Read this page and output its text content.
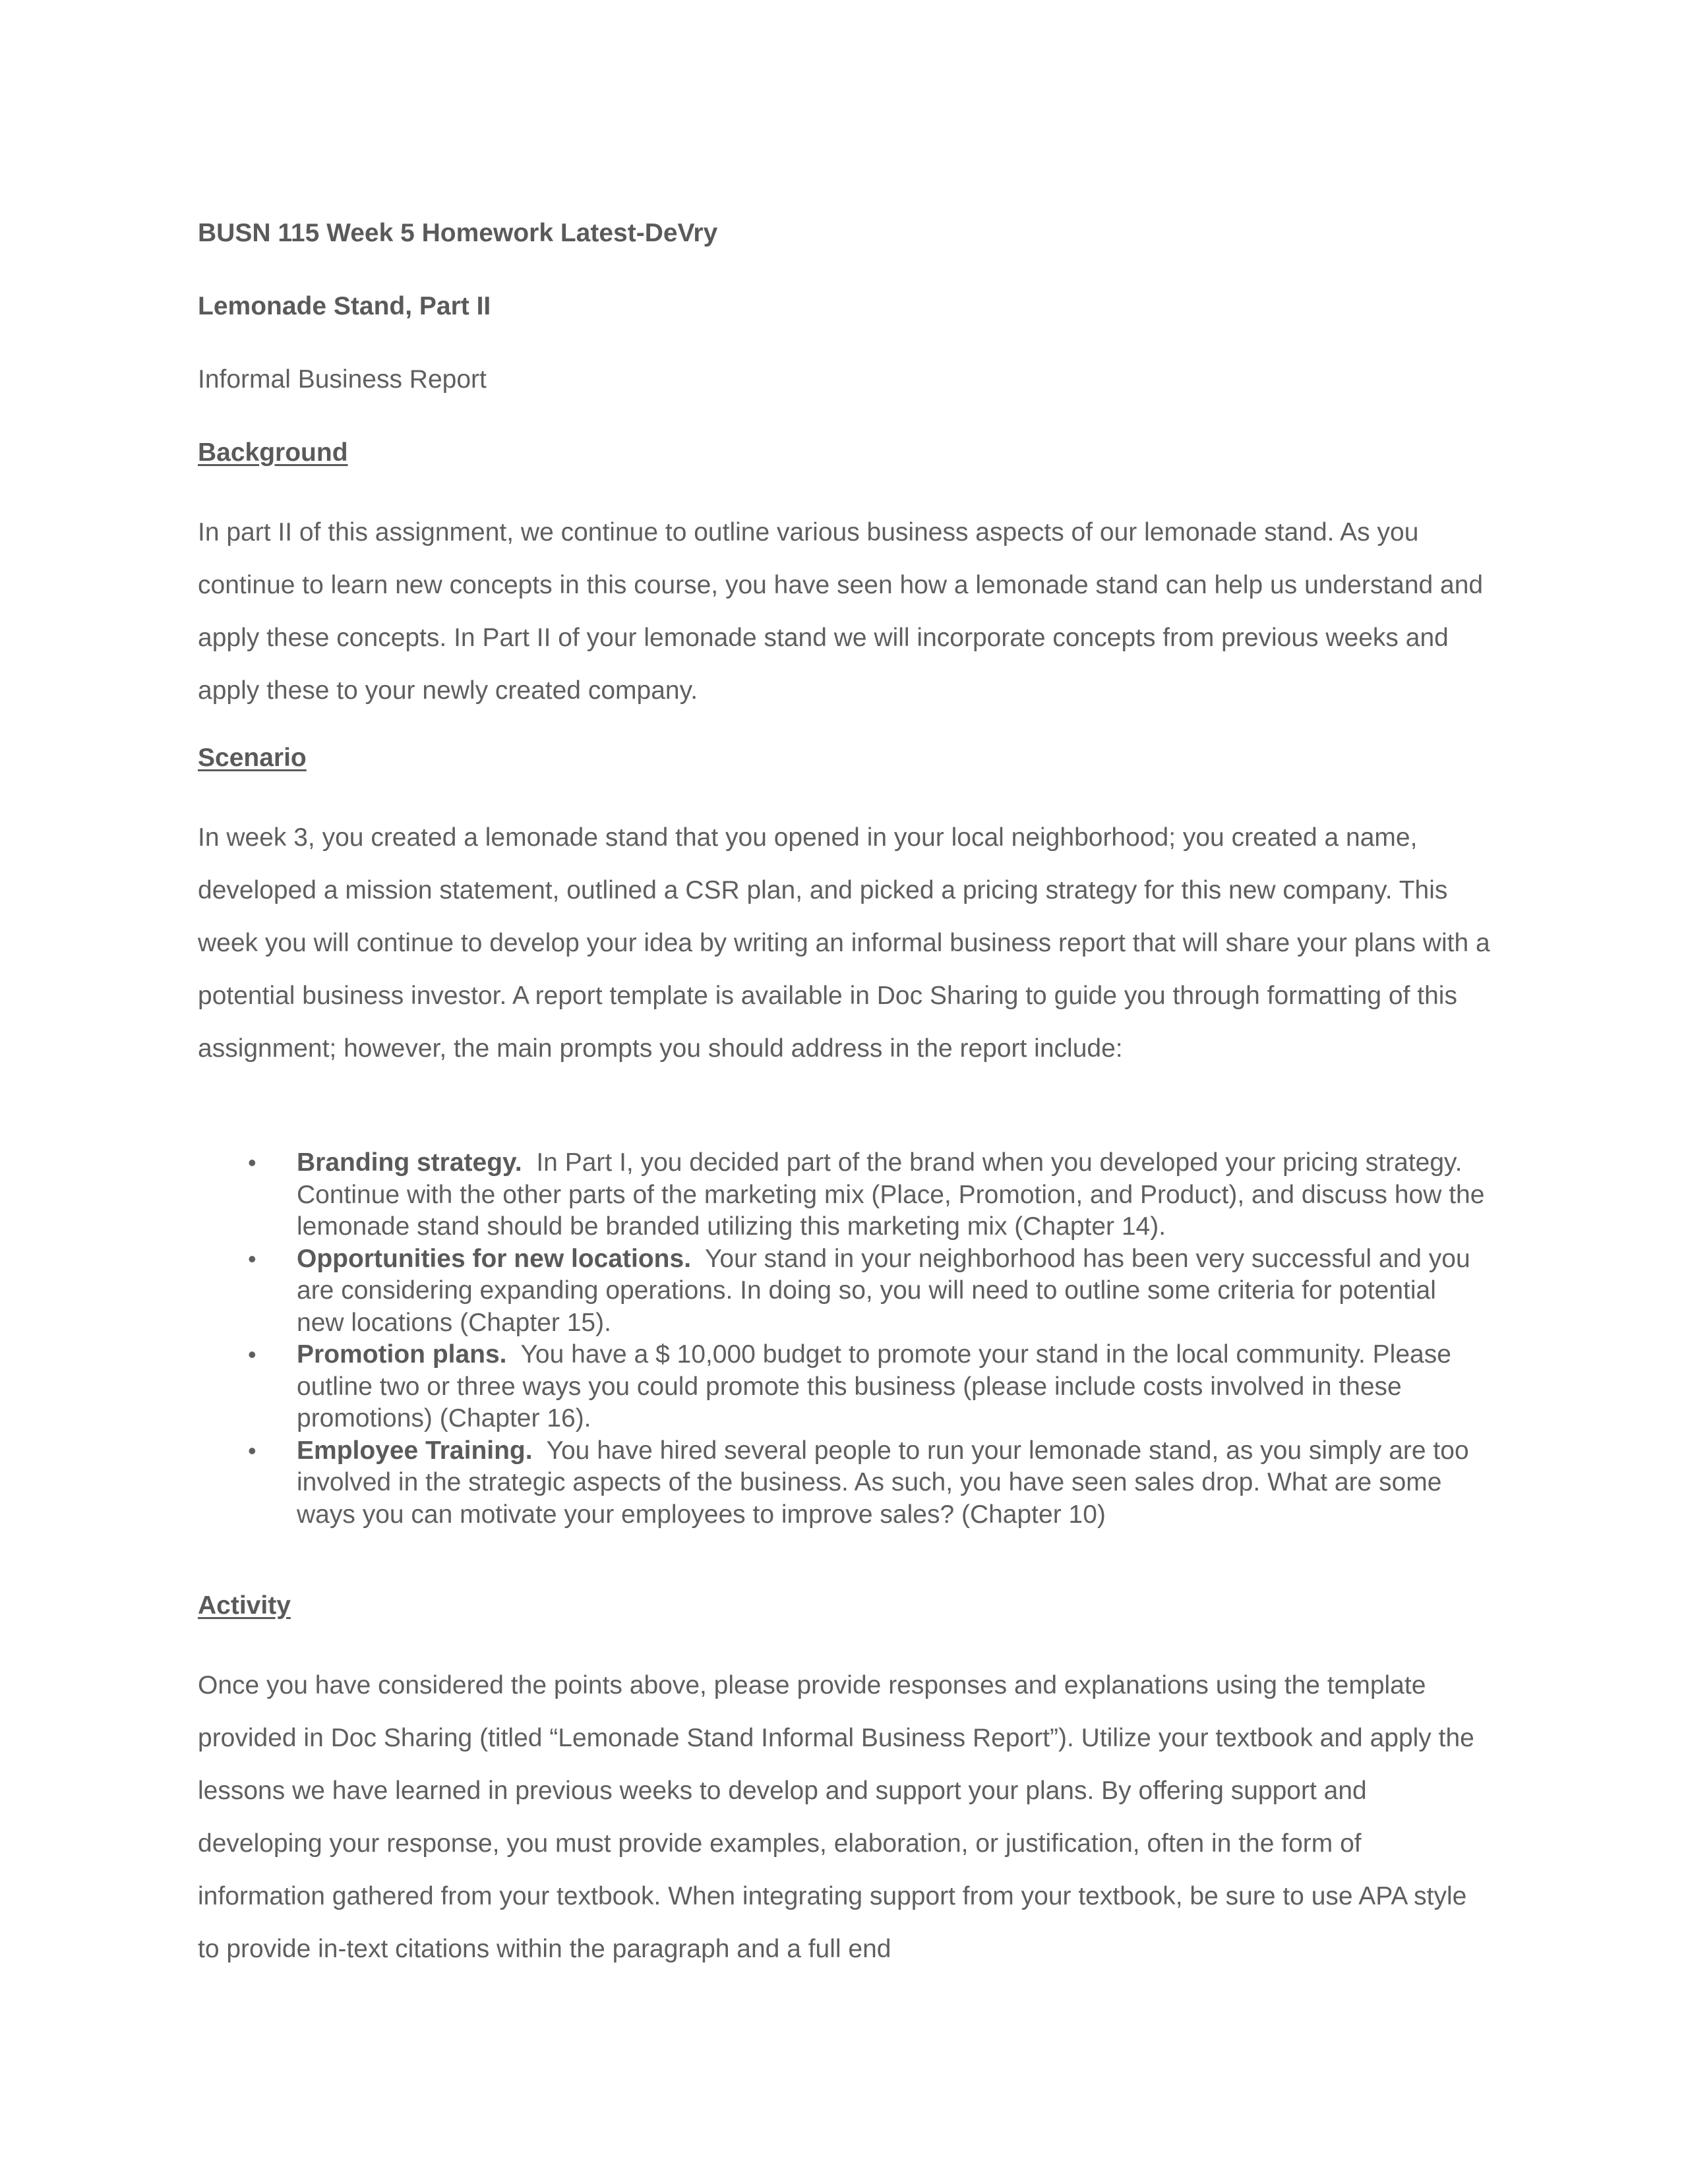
BUSN 115 Week 5 Homework Latest-DeVry

Lemonade Stand, Part II

Informal Business Report

Background

In part II of this assignment, we continue to outline various business aspects of our lemonade stand. As you continue to learn new concepts in this course, you have seen how a lemonade stand can help us understand and apply these concepts. In Part II of your lemonade stand we will incorporate concepts from previous weeks and apply these to your newly created company.

Scenario

In week 3, you created a lemonade stand that you opened in your local neighborhood; you created a name, developed a mission statement, outlined a CSR plan, and picked a pricing strategy for this new company. This week you will continue to develop your idea by writing an informal business report that will share your plans with a potential business investor. A report template is available in Doc Sharing to guide you through formatting of this assignment; however, the main prompts you should address in the report include:

• Branding strategy. In Part I, you decided part of the brand when you developed your pricing strategy. Continue with the other parts of the marketing mix (Place, Promotion, and Product), and discuss how the lemonade stand should be branded utilizing this marketing mix (Chapter 14).
• Opportunities for new locations. Your stand in your neighborhood has been very successful and you are considering expanding operations. In doing so, you will need to outline some criteria for potential new locations (Chapter 15).
• Promotion plans. You have a $ 10,000 budget to promote your stand in the local community. Please outline two or three ways you could promote this business (please include costs involved in these promotions) (Chapter 16).
• Employee Training. You have hired several people to run your lemonade stand, as you simply are too involved in the strategic aspects of the business. As such, you have seen sales drop. What are some ways you can motivate your employees to improve sales? (Chapter 10)

Activity

Once you have considered the points above, please provide responses and explanations using the template provided in Doc Sharing (titled “Lemonade Stand Informal Business Report”). Utilize your textbook and apply the lessons we have learned in previous weeks to develop and support your plans. By offering support and developing your response, you must provide examples, elaboration, or justification, often in the form of information gathered from your textbook. When integrating support from your textbook, be sure to use APA style to provide in-text citations within the paragraph and a full end
